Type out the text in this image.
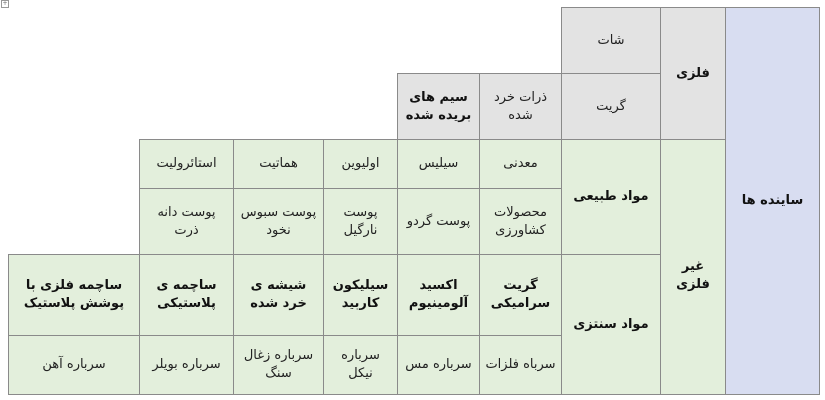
+
ساینده ها
فلزی
غیر فلزی
شات
گریت
ذرات خرد شده
سیم های بریده شده
مواد طبیعی
مواد سنتزی
معدنی
سیلیس
اولیوین
هماتیت
استائرولیت
محصولات کشاورزی
پوست گردو
پوست نارگیل
پوست سبوس نخود
پوست دانه ذرت
گریت سرامیکی
اکسید آلومینیوم
سیلیکون کاربید
شیشه ی خرد شده
ساچمه ی پلاستیکی
ساچمه فلزی با پوشش پلاستیک
سرباه فلزات
سرباره مس
سرباره نیکل
سرباره زغال سنگ
سرباره بویلر
سرباره آهن
